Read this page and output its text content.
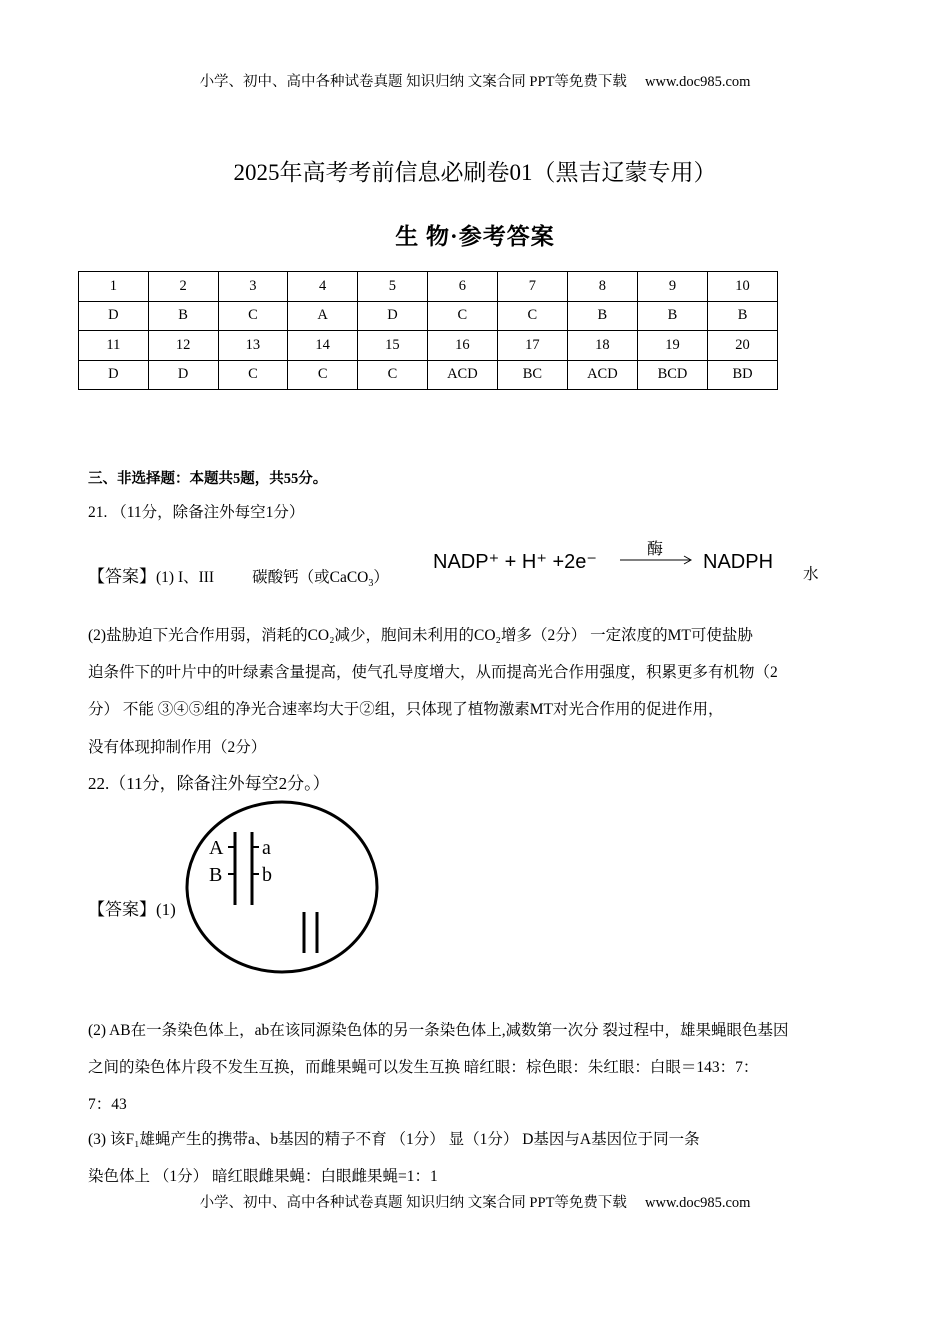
小学、初中、高中各种试卷真题 知识归纳 文案合同 PPT等免费下载 www.doc985.com
2025年高考考前信息必刷卷01（黑吉辽蒙专用）
生 物·参考答案
1	2	3	4	5	6	7	8	9	10
D	B	C	A	D	C	C	B	B	B
11	12	13	14	15	16	17	18	19	20
D	D	C	C	C	ACD	BC	ACD	BCD	BD
三、非选择题：本题共5题，共55分。
21. （11分，除备注外每空1分）
【答案】(1) I、III 碳酸钙（或CaCO$_3$）
NADP⁺ + H⁺ +2e⁻
酶
NADPH
水
(2)盐胁迫下光合作用弱，消耗的CO₂减少，胞间未利用的CO₂增多（2分） 一定浓度的MT可使盐胁
迫条件下的叶片中的叶绿素含量提高，使气孔导度增大，从而提高光合作用强度，积累更多有机物（2
分） 不能 ③④⑤组的净光合速率均大于②组，只体现了植物激素MT对光合作用的促进作用，
没有体现抑制作用（2分）
22.（11分，除备注外每空2分。）
【答案】(1)
A
B
a
b
(2) AB在一条染色体上，ab在该同源染色体的另一条染色体上,减数第一次分 裂过程中，雄果蝇眼色基因
之间的染色体片段不发生互换，而雌果蝇可以发生互换 暗红眼：棕色眼：朱红眼：白眼＝143：7：
7：43
(3) 该F₁雄蝇产生的携带a、b基因的精子不育 （1分） 显（1分） D基因与A基因位于同一条
染色体上 （1分） 暗红眼雌果蝇：白眼雌果蝇=1：1
小学、初中、高中各种试卷真题 知识归纳 文案合同 PPT等免费下载 www.doc985.com
